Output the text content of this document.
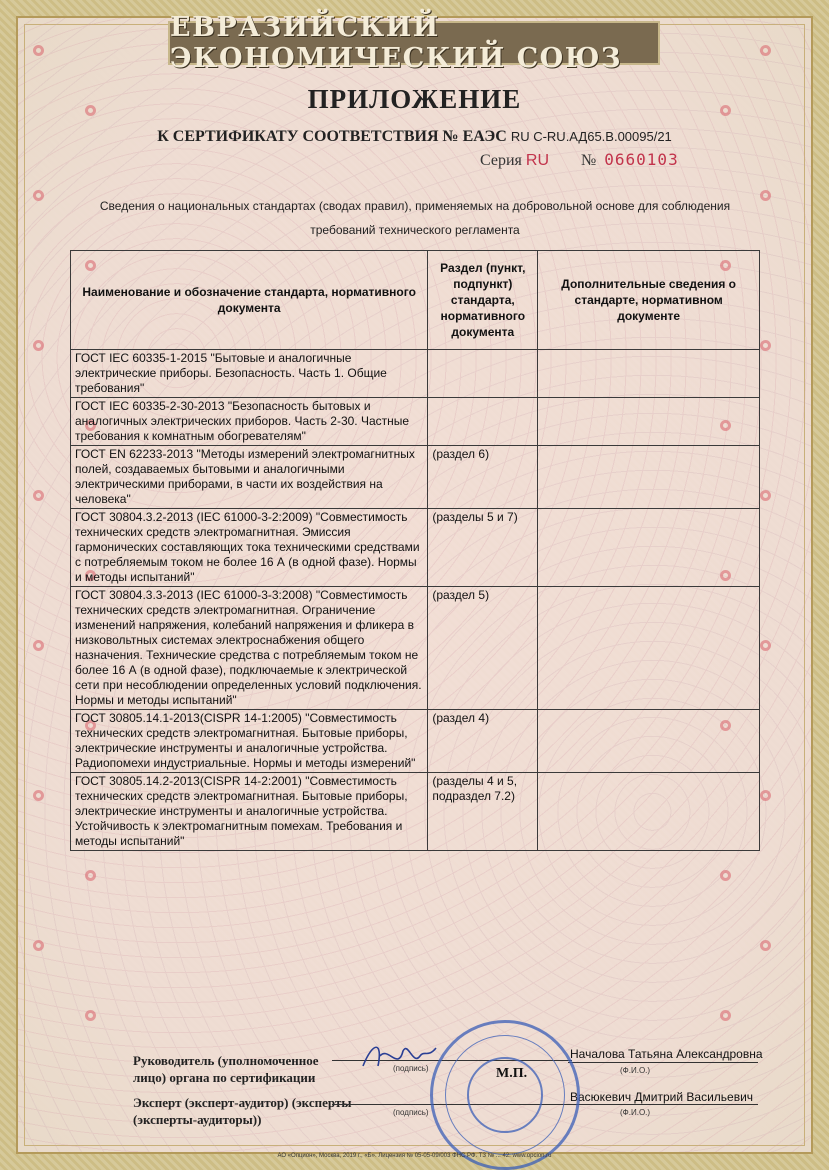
ЕВРАЗИЙСКИЙ ЭКОНОМИЧЕСКИЙ СОЮЗ
ПРИЛОЖЕНИЕ
К СЕРТИФИКАТУ СООТВЕТСТВИЯ № ЕАЭС RU С-RU.АД65.В.00095/21
Серия RU № 0660103
Сведения о национальных стандартах (сводах правил), применяемых на добровольной основе для соблюдения требований технического регламента
Наименование и обозначение стандарта, нормативного документа	Раздел (пункт, подпункт) стандарта, нормативного документа	Дополнительные сведения о стандарте, нормативном документе
ГОСТ IEC 60335-1-2015 "Бытовые и аналогичные электрические приборы. Безопасность. Часть 1. Общие требования"		
ГОСТ IEC 60335-2-30-2013 "Безопасность бытовых и аналогичных электрических приборов. Часть 2-30. Частные требования к комнатным обогревателям"		
ГОСТ EN 62233-2013 "Методы измерений электромагнитных полей, создаваемых бытовыми и аналогичными электрическими приборами, в части их воздействия на человека"	(раздел 6)	
ГОСТ 30804.3.2-2013 (IEC 61000-3-2:2009) "Совместимость технических средств электромагнитная. Эмиссия гармонических составляющих тока техническими средствами с потребляемым током не более 16 А (в одной фазе). Нормы и методы испытаний"	(разделы 5 и 7)	
ГОСТ 30804.3.3-2013 (IEC 61000-3-3:2008) "Совместимость технических средств электромагнитная. Ограничение изменений напряжения, колебаний напряжения и фликера в низковольтных системах электроснабжения общего назначения. Технические средства с потребляемым током не более 16 А (в одной фазе), подключаемые к электрической сети при несоблюдении определенных условий подключения. Нормы и методы испытаний"	(раздел 5)	
ГОСТ 30805.14.1-2013(CISPR 14-1:2005) "Совместимость технических средств электромагнитная. Бытовые приборы, электрические инструменты и аналогичные устройства. Радиопомехи индустриальные. Нормы и методы измерений"	(раздел 4)	
ГОСТ 30805.14.2-2013(CISPR 14-2:2001) "Совместимость технических средств электромагнитная. Бытовые приборы, электрические инструменты и аналогичные устройства. Устойчивость к электромагнитным помехам. Требования и методы испытаний"	(разделы 4 и 5, подраздел 7.2)	
Руководитель (уполномоченное лицо) органа по сертификации
(подпись)
Началова Татьяна Александровна
(Ф.И.О.)
Эксперт (эксперт-аудитор) (эксперты (эксперты-аудиторы))	(подпись)
Васюкевич Дмитрий Васильевич
(Ф.И.О.)
М.П.
АО «Опцион», Москва, 2019 г., «Б». Лицензия № 05-05-09/003 ФНС РФ. ТЗ № ... 42. www.opcion.ru
